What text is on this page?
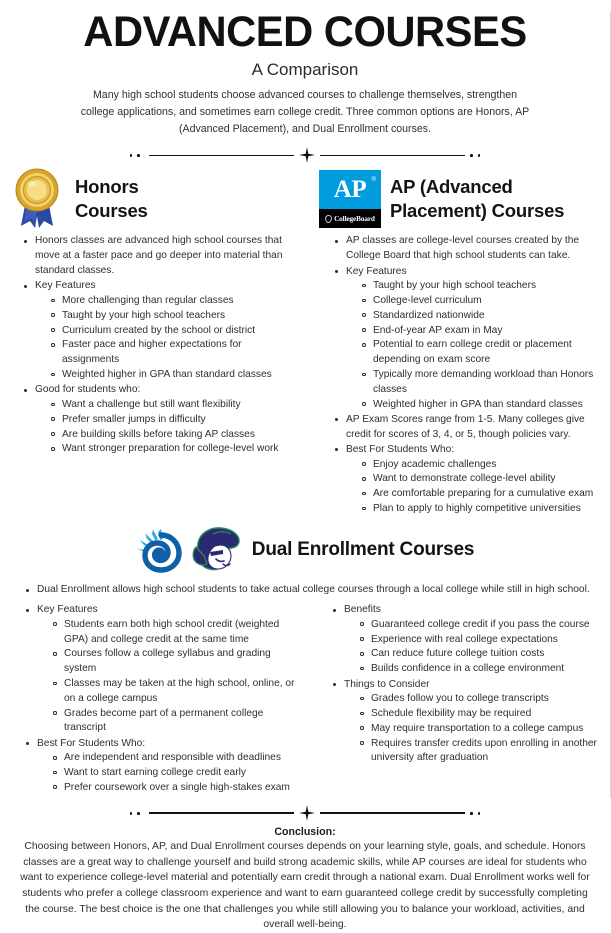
ADVANCED COURSES
A Comparison
Many high school students choose advanced courses to challenge themselves, strengthen college applications, and sometimes earn college credit. Three common options are Honors, AP (Advanced Placement), and Dual Enrollment courses.
Honors Courses
Honors classes are advanced high school courses that move at a faster pace and go deeper into material than standard classes.
Key Features
More challenging than regular classes
Taught by your high school teachers
Curriculum created by the school or district
Faster pace and higher expectations for assignments
Weighted higher in GPA than standard classes
Good for students who:
Want a challenge but still want flexibility
Prefer smaller jumps in difficulty
Are building skills before taking AP classes
Want stronger preparation for college-level work
AP ®
CollegeBoard
AP (Advanced Placement) Courses
AP classes are college-level courses created by the College Board that high school students can take.
Key Features
Taught by your high school teachers
College-level curriculum
Standardized nationwide
End-of-year AP exam in May
Potential to earn college credit or placement depending on exam score
Typically more demanding workload than Honors classes
Weighted higher in GPA than standard classes
AP Exam Scores range from 1-5. Many colleges give credit for scores of 3, 4, or 5, though policies vary.
Best For Students Who:
Enjoy academic challenges
Want to demonstrate college-level ability
Are comfortable preparing for a cumulative exam
Plan to apply to highly competitive universities
Dual Enrollment Courses
Dual Enrollment allows high school students to take actual college courses through a local college while still in high school.
Key Features
Students earn both high school credit (weighted GPA) and college credit at the same time
Courses follow a college syllabus and grading system
Classes may be taken at the high school, online, or on a college campus
Grades become part of a permanent college transcript
Best For Students Who:
Are independent and responsible with deadlines
Want to start earning college credit early
Prefer coursework over a single high-stakes exam
Benefits
Guaranteed college credit if you pass the course
Experience with real college expectations
Can reduce future college tuition costs
Builds confidence in a college environment
Things to Consider
Grades follow you to college transcripts
Schedule flexibility may be required
May require transportation to a college campus
Requires transfer credits upon enrolling in another university after graduation
Conclusion:
Choosing between Honors, AP, and Dual Enrollment courses depends on your learning style, goals, and schedule. Honors classes are a great way to challenge yourself and build strong academic skills, while AP courses are ideal for students who want to experience college-level material and potentially earn credit through a national exam. Dual Enrollment works well for students who prefer a college classroom experience and want to earn guaranteed college credit by successfully completing the course. The best choice is the one that challenges you while still allowing you to balance your workload, activities, and overall well-being.
